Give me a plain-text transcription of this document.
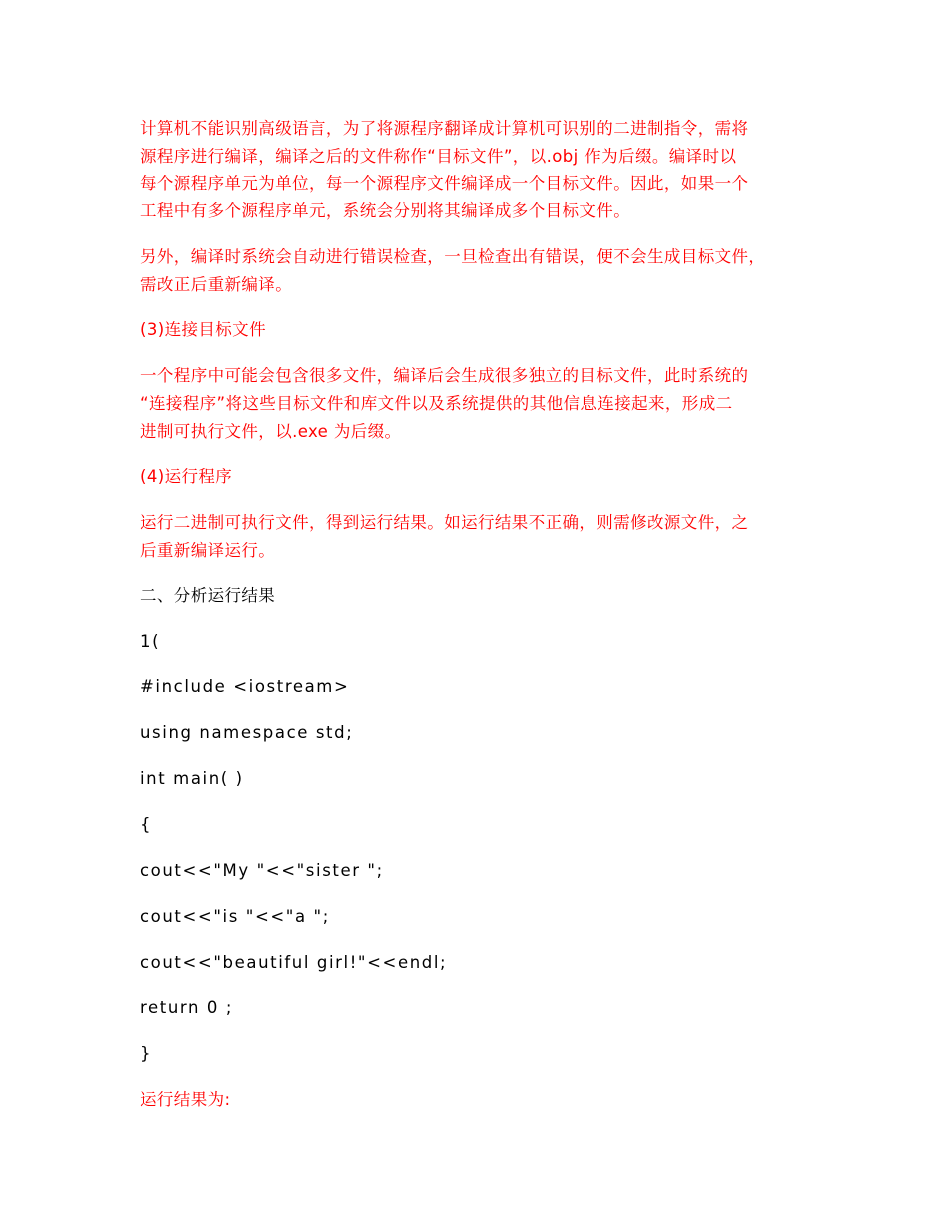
计算机不能识别高级语言，为了将源程序翻译成计算机可识别的二进制指令，需将
源程序进行编译，编译之后的文件称作“目标文件”，以.obj 作为后缀。编译时以
每个源程序单元为单位，每一个源程序文件编译成一个目标文件。因此，如果一个
工程中有多个源程序单元，系统会分别将其编译成多个目标文件。
另外，编译时系统会自动进行错误检查，一旦检查出有错误，便不会生成目标文件，
需改正后重新编译。
(3)连接目标文件
一个程序中可能会包含很多文件，编译后会生成很多独立的目标文件，此时系统的
“连接程序”将这些目标文件和库文件以及系统提供的其他信息连接起来，形成二
进制可执行文件，以.exe 为后缀。
(4)运行程序
运行二进制可执行文件，得到运行结果。如运行结果不正确，则需修改源文件，之
后重新编译运行。
二、分析运行结果
1(
#include <iostream>
using namespace std;
int main( )
{
cout<<"My "<<"sister ";
cout<<"is "<<"a ";
cout<<"beautiful girl!"<<endl;
return 0 ;
}
运行结果为:
